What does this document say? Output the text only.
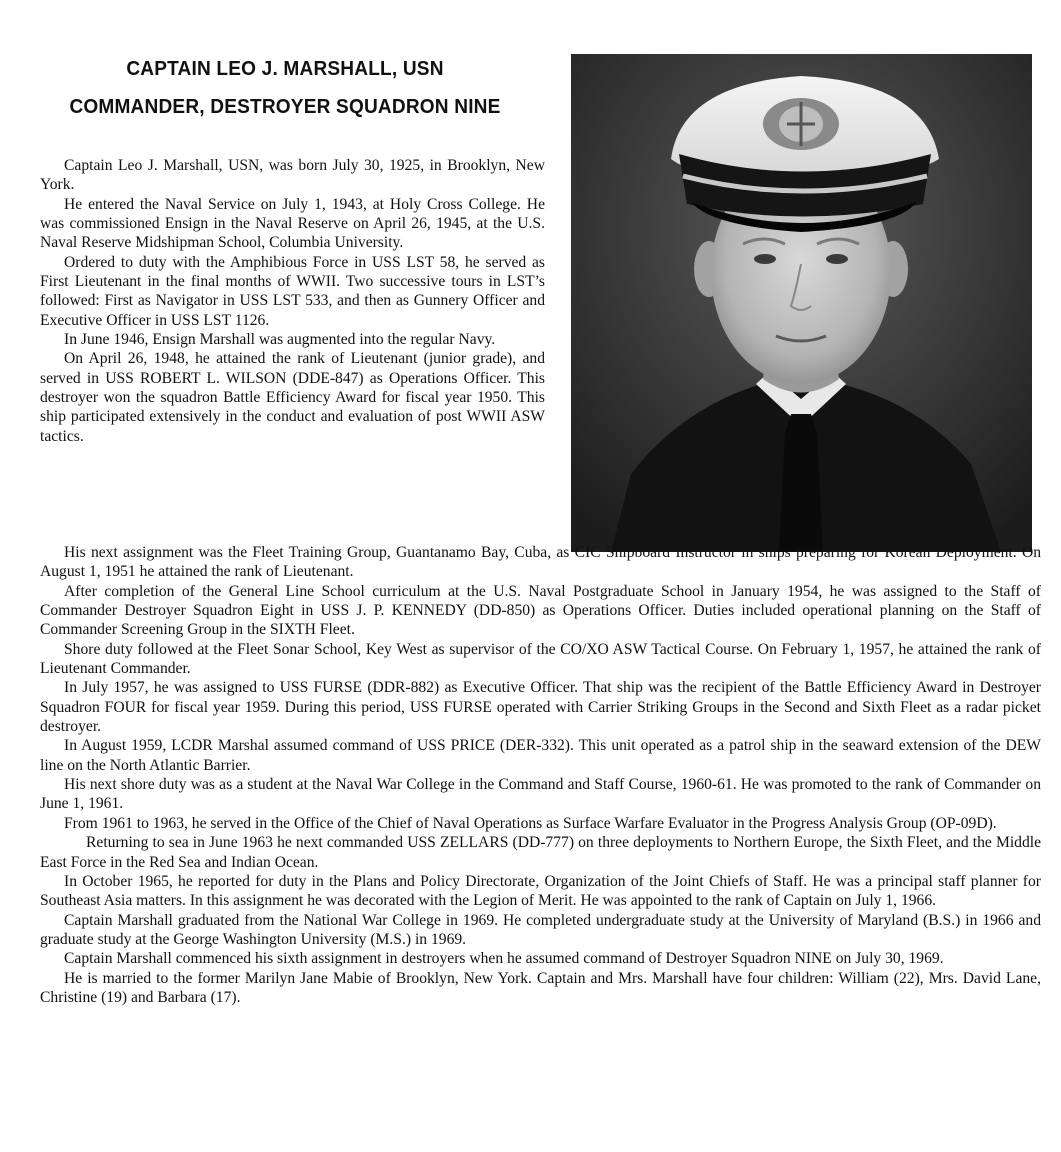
CAPTAIN LEO J. MARSHALL, USN
COMMANDER, DESTROYER SQUADRON NINE

Captain Leo J. Marshall, USN, was born July 30, 1925, in Brooklyn, New York.

He entered the Naval Service on July 1, 1943, at Holy Cross College. He was commissioned Ensign in the Naval Reserve on April 26, 1945, at the U.S. Naval Reserve Midshipman School, Columbia University.

Ordered to duty with the Amphibious Force in USS LST 58, he served as First Lieutenant in the final months of WWII. Two successive tours in LST’s followed: First as Navigator in USS LST 533, and then as Gunnery Officer and Executive Officer in USS LST 1126.

In June 1946, Ensign Marshall was augmented into the regular Navy.

On April 26, 1948, he attained the rank of Lieutenant (junior grade), and served in USS ROBERT L. WILSON (DDE-847) as Operations Officer. This destroyer won the squadron Battle Efficiency Award for fiscal year 1950. This ship participated extensively in the conduct and evaluation of post WWII ASW tactics.

His next assignment was the Fleet Training Group, Guantanamo Bay, Cuba, as CIC Shipboard Instructor in ships preparing for Korean Deployment. On August 1, 1951 he attained the rank of Lieutenant.

After completion of the General Line School curriculum at the U.S. Naval Postgraduate School in January 1954, he was assigned to the Staff of Commander Destroyer Squadron Eight in USS J. P. KENNEDY (DD-850) as Operations Officer. Duties included operational planning on the Staff of Commander Screening Group in the SIXTH Fleet.

Shore duty followed at the Fleet Sonar School, Key West as supervisor of the CO/XO ASW Tactical Course. On February 1, 1957, he attained the rank of Lieutenant Commander.

In July 1957, he was assigned to USS FURSE (DDR-882) as Executive Officer. That ship was the recipient of the Battle Efficiency Award in Destroyer Squadron FOUR for fiscal year 1959. During this period, USS FURSE operated with Carrier Striking Groups in the Second and Sixth Fleet as a radar picket destroyer.

In August 1959, LCDR Marshal assumed command of USS PRICE (DER-332). This unit operated as a patrol ship in the seaward extension of the DEW line on the North Atlantic Barrier.

His next shore duty was as a student at the Naval War College in the Command and Staff Course, 1960-61. He was promoted to the rank of Commander on June 1, 1961.

From 1961 to 1963, he served in the Office of the Chief of Naval Operations as Surface Warfare Evaluator in the Progress Analysis Group (OP-09D).

Returning to sea in June 1963 he next commanded USS ZELLARS (DD-777) on three deployments to Northern Europe, the Sixth Fleet, and the Middle East Force in the Red Sea and Indian Ocean.

In October 1965, he reported for duty in the Plans and Policy Directorate, Organization of the Joint Chiefs of Staff. He was a principal staff planner for Southeast Asia matters. In this assignment he was decorated with the Legion of Merit. He was appointed to the rank of Captain on July 1, 1966.

Captain Marshall graduated from the National War College in 1969. He completed undergraduate study at the University of Maryland (B.S.) in 1966 and graduate study at the George Washington University (M.S.) in 1969.

Captain Marshall commenced his sixth assignment in destroyers when he assumed command of Destroyer Squadron NINE on July 30, 1969.

He is married to the former Marilyn Jane Mabie of Brooklyn, New York. Captain and Mrs. Marshall have four children: William (22), Mrs. David Lane, Christine (19) and Barbara (17).
